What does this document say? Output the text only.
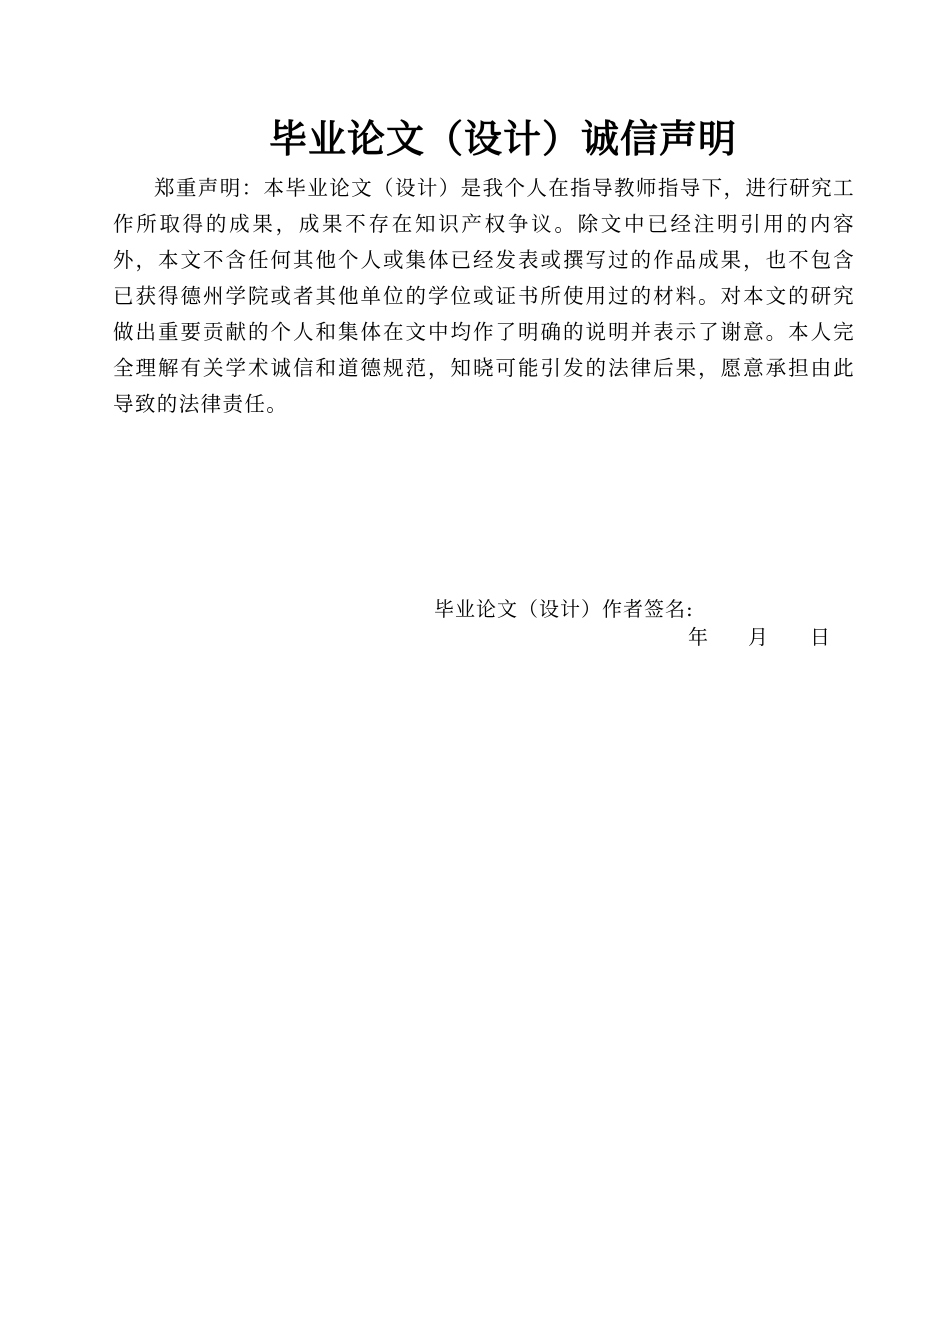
毕业论文（设计）诚信声明

郑重声明：本毕业论文（设计）是我个人在指导教师指导下，进行研究工作所取得的成果，成果不存在知识产权争议。除文中已经注明引用的内容外，本文不含任何其他个人或集体已经发表或撰写过的作品成果，也不包含已获得德州学院或者其他单位的学位或证书所使用过的材料。对本文的研究做出重要贡献的个人和集体在文中均作了明确的说明并表示了谢意。本人完全理解有关学术诚信和道德规范，知晓可能引发的法律后果，愿意承担由此导致的法律责任。

毕业论文（设计）作者签名:
年 月 日
